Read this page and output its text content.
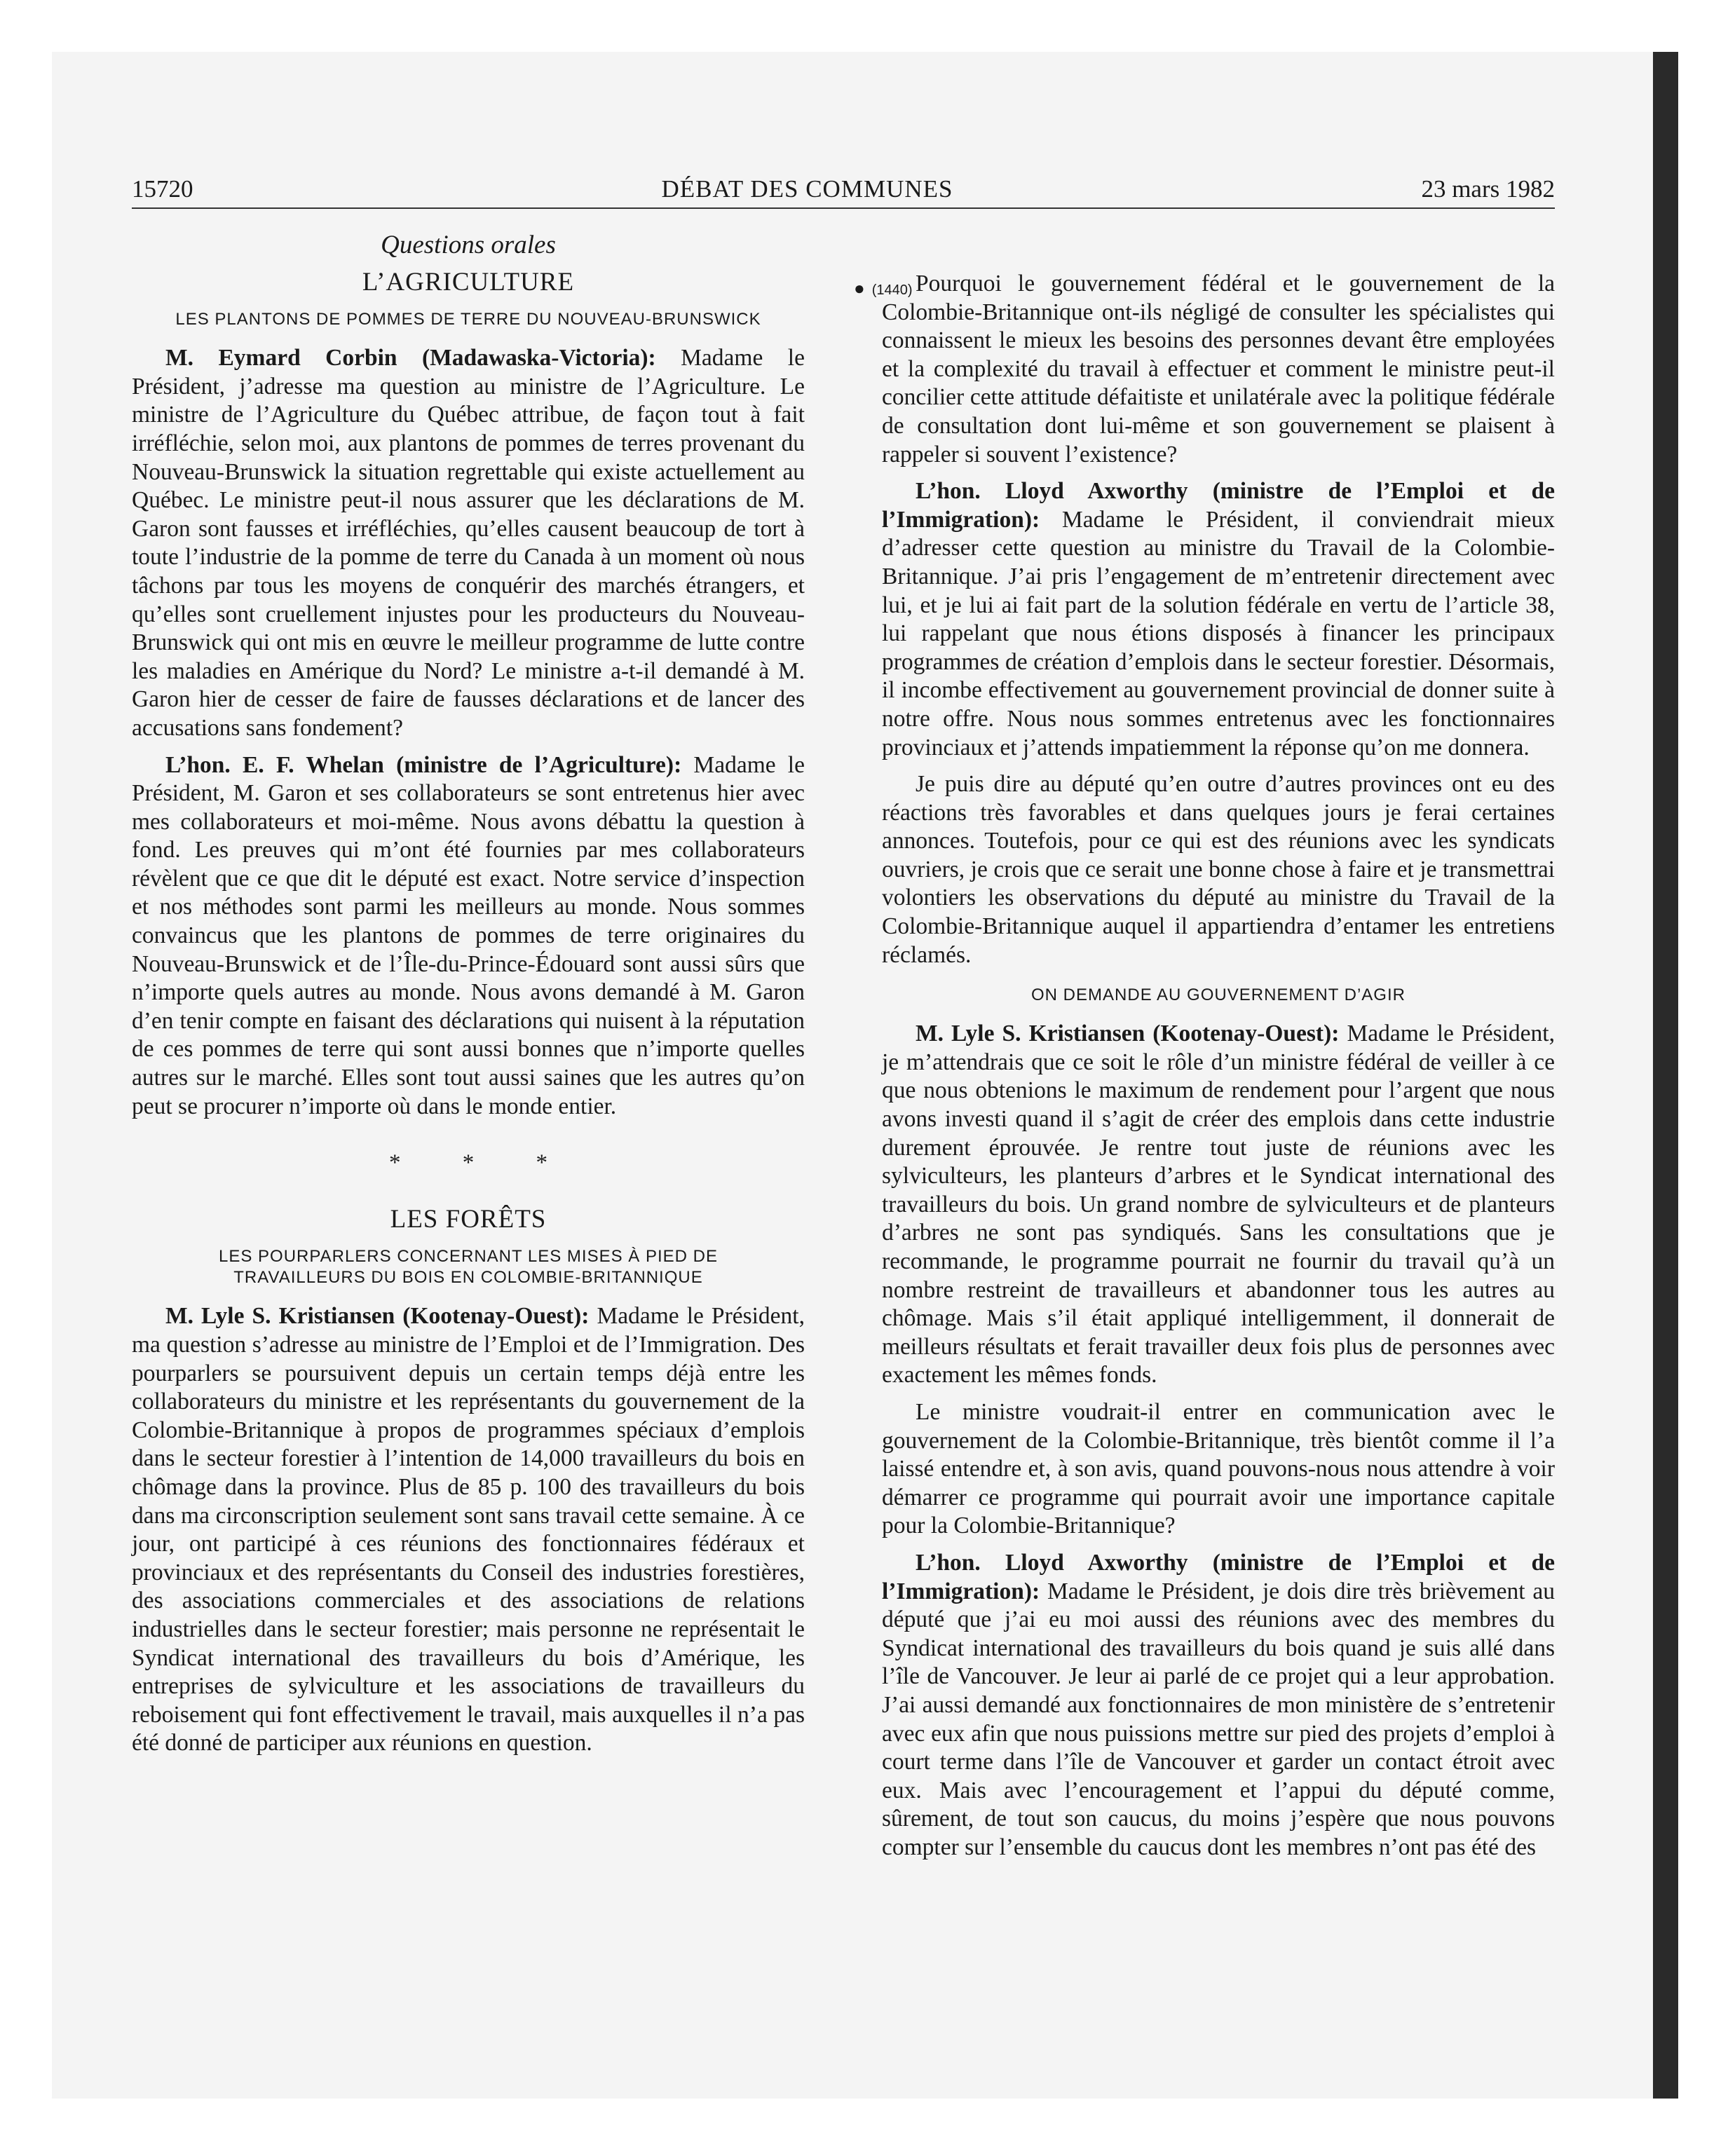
15720	DÉBAT DES COMMUNES	23 mars 1982
Questions orales
L’AGRICULTURE
LES PLANTONS DE POMMES DE TERRE DU NOUVEAU-BRUNSWICK

M. Eymard Corbin (Madawaska-Victoria): Madame le Président, j’adresse ma question au ministre de l’Agriculture. Le ministre de l’Agriculture du Québec attribue, de façon tout à fait irréfléchie, selon moi, aux plantons de pommes de terres provenant du Nouveau-Brunswick la situation regrettable qui existe actuellement au Québec. Le ministre peut-il nous assurer que les déclarations de M. Garon sont fausses et irréfléchies, qu’elles causent beaucoup de tort à toute l’industrie de la pomme de terre du Canada à un moment où nous tâchons par tous les moyens de conquérir des marchés étrangers, et qu’elles sont cruellement injustes pour les producteurs du Nouveau-Brunswick qui ont mis en œuvre le meilleur programme de lutte contre les maladies en Amérique du Nord? Le ministre a-t-il demandé à M. Garon hier de cesser de faire de fausses déclarations et de lancer des accusations sans fondement?

L’hon. E. F. Whelan (ministre de l’Agriculture): Madame le Président, M. Garon et ses collaborateurs se sont entretenus hier avec mes collaborateurs et moi-même. Nous avons débattu la question à fond. Les preuves qui m’ont été fournies par mes collaborateurs révèlent que ce que dit le député est exact. Notre service d’inspection et nos méthodes sont parmi les meilleurs au monde. Nous sommes convaincus que les plantons de pommes de terre originaires du Nouveau-Brunswick et de l’Île-du-Prince-Édouard sont aussi sûrs que n’importe quels autres au monde. Nous avons demandé à M. Garon d’en tenir compte en faisant des déclarations qui nuisent à la réputation de ces pommes de terre qui sont aussi bonnes que n’importe quelles autres sur le marché. Elles sont tout aussi saines que les autres qu’on peut se procurer n’importe où dans le monde entier.

* * *
LES FORÊTS
LES POURPARLERS CONCERNANT LES MISES À PIED DE TRAVAILLEURS DU BOIS EN COLOMBIE-BRITANNIQUE

M. Lyle S. Kristiansen (Kootenay-Ouest): Madame le Président, ma question s’adresse au ministre de l’Emploi et de l’Immigration. Des pourparlers se poursuivent depuis un certain temps déjà entre les collaborateurs du ministre et les représentants du gouvernement de la Colombie-Britannique à propos de programmes spéciaux d’emplois dans le secteur forestier à l’intention de 14,000 travailleurs du bois en chômage dans la province. Plus de 85 p. 100 des travailleurs du bois dans ma circonscription seulement sont sans travail cette semaine. À ce jour, ont participé à ces réunions des fonctionnaires fédéraux et provinciaux et des représentants du Conseil des industries forestières, des associations commerciales et des associations de relations industrielles dans le secteur forestier; mais personne ne représentait le Syndicat international des travailleurs du bois d’Amérique, les entreprises de sylviculture et les associations de travailleurs du reboisement qui font effectivement le travail, mais auxquelles il n’a pas été donné de participer aux réunions en question.

● (1440) Pourquoi le gouvernement fédéral et le gouvernement de la Colombie-Britannique ont-ils négligé de consulter les spécialistes qui connaissent le mieux les besoins des personnes devant être employées et la complexité du travail à effectuer et comment le ministre peut-il concilier cette attitude défaitiste et unilatérale avec la politique fédérale de consultation dont lui-même et son gouvernement se plaisent à rappeler si souvent l’existence?

L’hon. Lloyd Axworthy (ministre de l’Emploi et de l’Immigration): Madame le Président, il conviendrait mieux d’adresser cette question au ministre du Travail de la Colombie-Britannique. J’ai pris l’engagement de m’entretenir directement avec lui, et je lui ai fait part de la solution fédérale en vertu de l’article 38, lui rappelant que nous étions disposés à financer les principaux programmes de création d’emplois dans le secteur forestier. Désormais, il incombe effectivement au gouvernement provincial de donner suite à notre offre. Nous nous sommes entretenus avec les fonctionnaires provinciaux et j’attends impatiemment la réponse qu’on me donnera.

Je puis dire au député qu’en outre d’autres provinces ont eu des réactions très favorables et dans quelques jours je ferai certaines annonces. Toutefois, pour ce qui est des réunions avec les syndicats ouvriers, je crois que ce serait une bonne chose à faire et je transmettrai volontiers les observations du député au ministre du Travail de la Colombie-Britannique auquel il appartiendra d’entamer les entretiens réclamés.

ON DEMANDE AU GOUVERNEMENT D’AGIR

M. Lyle S. Kristiansen (Kootenay-Ouest): Madame le Président, je m’attendrais que ce soit le rôle d’un ministre fédéral de veiller à ce que nous obtenions le maximum de rendement pour l’argent que nous avons investi quand il s’agit de créer des emplois dans cette industrie durement éprouvée. Je rentre tout juste de réunions avec les sylviculteurs, les planteurs d’arbres et le Syndicat international des travailleurs du bois. Un grand nombre de sylviculteurs et de planteurs d’arbres ne sont pas syndiqués. Sans les consultations que je recommande, le programme pourrait ne fournir du travail qu’à un nombre restreint de travailleurs et abandonner tous les autres au chômage. Mais s’il était appliqué intelligemment, il donnerait de meilleurs résultats et ferait travailler deux fois plus de personnes avec exactement les mêmes fonds.

Le ministre voudrait-il entrer en communication avec le gouvernement de la Colombie-Britannique, très bientôt comme il l’a laissé entendre et, à son avis, quand pouvons-nous nous attendre à voir démarrer ce programme qui pourrait avoir une importance capitale pour la Colombie-Britannique?

L’hon. Lloyd Axworthy (ministre de l’Emploi et de l’Immigration): Madame le Président, je dois dire très brièvement au député que j’ai eu moi aussi des réunions avec des membres du Syndicat international des travailleurs du bois quand je suis allé dans l’île de Vancouver. Je leur ai parlé de ce projet qui a leur approbation. J’ai aussi demandé aux fonctionnaires de mon ministère de s’entretenir avec eux afin que nous puissions mettre sur pied des projets d’emploi à court terme dans l’île de Vancouver et garder un contact étroit avec eux. Mais avec l’encouragement et l’appui du député comme, sûrement, de tout son caucus, du moins j’espère que nous pouvons compter sur l’ensemble du caucus dont les membres n’ont pas été des
